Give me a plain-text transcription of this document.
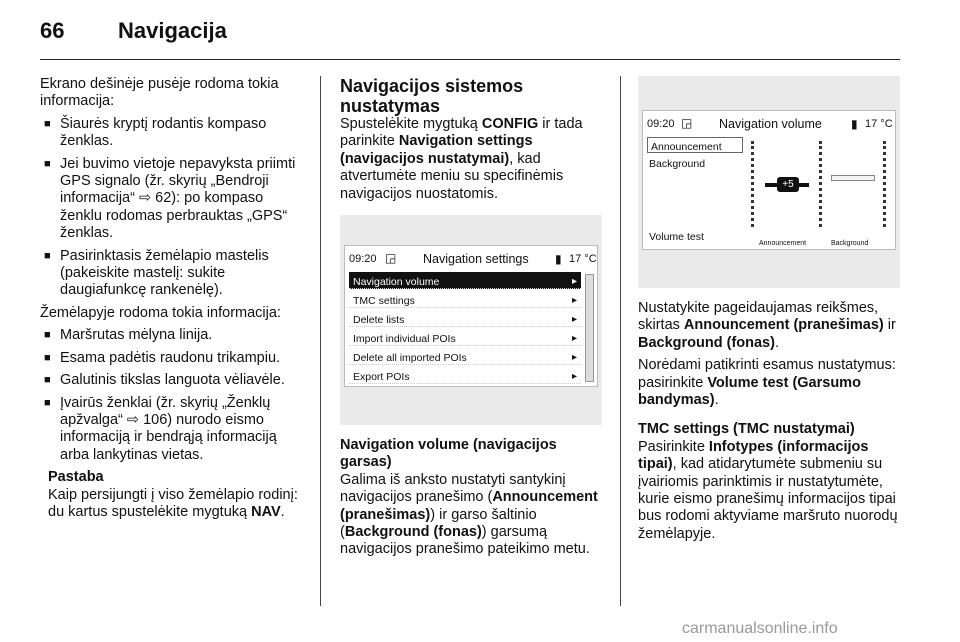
66 Navigacija

Ekrano dešinėje pusėje rodoma tokia informacija:

■ Šiaurės kryptį rodantis kompaso ženklas.
■ Jei buvimo vietoje nepavyksta priimti GPS signalo (žr. skyrių „Bendroji informacija“ ⇨ 62): po kompaso ženklu rodomas perbrauktas „GPS“ ženklas.
■ Pasirinktasis žemėlapio mastelis (pakeiskite mastelį: sukite daugiafunkcę rankenėlę).

Žemėlapyje rodoma tokia informacija:

■ Maršrutas mėlyna linija.
■ Esama padėtis raudonu trikampiu.
■ Galutinis tikslas languota vėliavėle.
■ Įvairūs ženklai (žr. skyrių „Ženklų apžvalga“ ⇨ 106) nurodo eismo informaciją ir bendrąją informaciją arba lankytinas vietas.
Pastaba
Kaip persijungti į viso žemėlapio rodinį: du kartus spustelėkite mygtuką NAV.
Navigacijos sistemos nustatymas

Spustelėkite mygtuką CONFIG ir tada parinkite Navigation settings (navigacijos nustatymai), kad atvertumėte meniu su specifinėmis navigacijos nuostatomis.

09:20 ◲ Navigation settings ▮ 17 °C
Navigation volume	▸
TMC settings	▸
Delete lists	▸
Import individual POIs	▸
Delete all imported POIs	▸
Export POIs	▸
Navigation volume (navigacijos garsas)

Galima iš anksto nustatyti santykinį navigacijos pranešimo (Announcement (pranešimas)) ir garso šaltinio (Background (fonas)) garsumą navigacijos pranešimo pateikimo metu.

09:20 ◲ Navigation volume ▮ 17 °C
Announcement
Background
Volume test
+5
Announcement	Background

Nustatykite pageidaujamas reikšmes, skirtas Announcement (pranešimas) ir Background (fonas).

Norėdami patikrinti esamus nustatymus: pasirinkite Volume test (Garsumo bandymas).

TMC settings (TMC nustatymai)

Pasirinkite Infotypes (informacijos tipai), kad atidarytumėte submeniu su įvairiomis parinktimis ir nustatytumėte, kurie eismo pranešimų informacijos tipai bus rodomi aktyviame maršruto nuorodų žemėlapyje.

carmanualsonline.info
